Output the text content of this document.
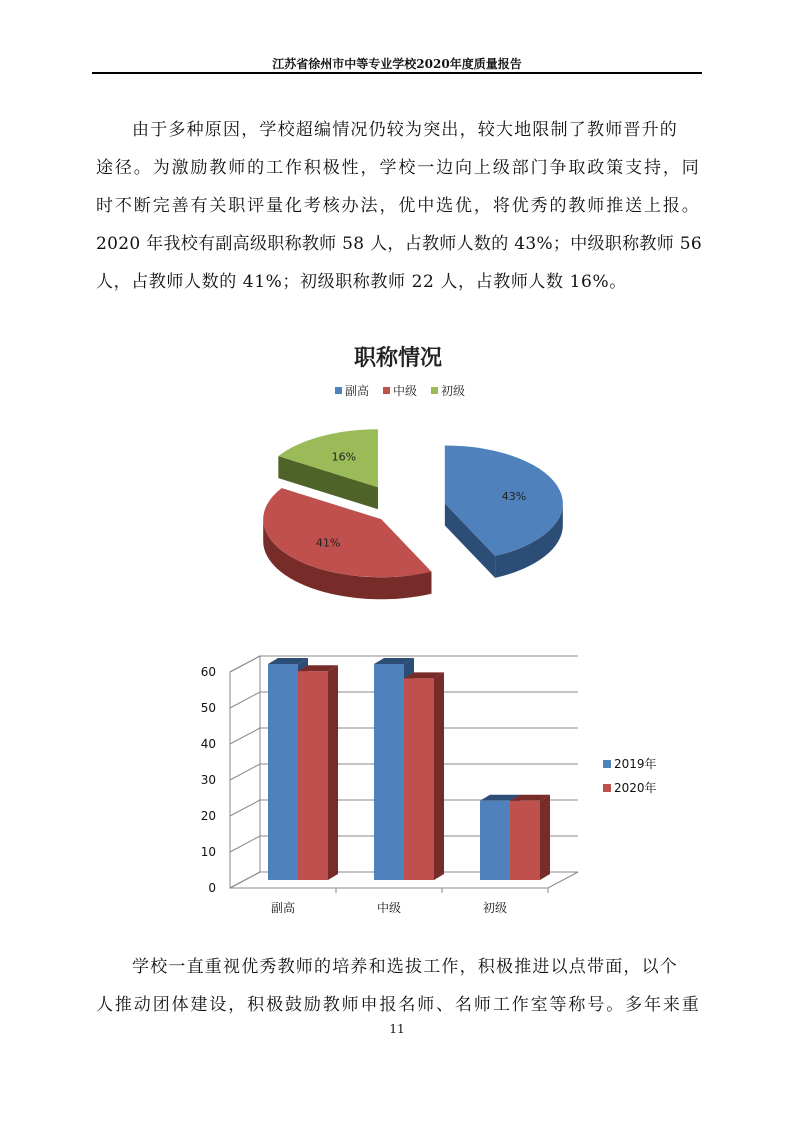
江苏省徐州市中等专业学校2020年度质量报告
由于多种原因，学校超编情况仍较为突出，较大地限制了教师晋升的
途径。为激励教师的工作积极性，学校一边向上级部门争取政策支持，同
时不断完善有关职评量化考核办法，优中选优，将优秀的教师推送上报。
2020 年我校有副高级职称教师 58 人，占教师人数的 43%；中级职称教师 56
人，占教师人数的 41%；初级职称教师 22 人，占教师人数 16%。
职称情况
副高 中级 初级
16%
41%
43%
0
10
20
30
40
50
60
副高	中级	初级
2019年
2020年
学校一直重视优秀教师的培养和选拔工作，积极推进以点带面，以个
人推动团体建设，积极鼓励教师申报名师、名师工作室等称号。多年来重
11
